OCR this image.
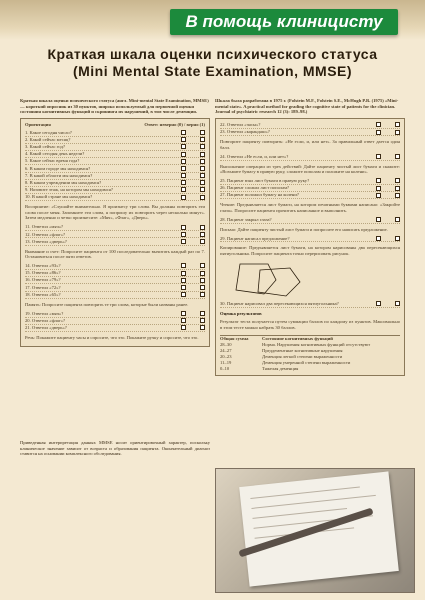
В помощь клиницисту
Краткая шкала оценки психического статуса
(Mini Mental State Examination, MMSE)
Краткая шкала оценки психического статуса (англ. Mini-mental State Examination, MMSE) — короткий опросник из 30 пунктов, широко используемый для первичной оценки состояния когнитивных функций и скрининга их нарушений, в том числе деменции.
Ориентация	Ответ: неверно (0) / верно (1)
1. Какое сегодня число?
2. Какой сейчас месяц?
3. Какой сейчас год?
4. Какой сегодня день недели?
5. Какое сейчас время года?
6. В каком городе мы находимся?
7. В какой области мы находимся?
8. В каком учреждении мы находимся?
9. Назовите этаж, на котором мы находимся?
10. В какой стране мы находимся?
Восприятие: «Слушайте внимательно. Я произнесу три слова. Вы должны повторить эти слова после меня. Запомните эти слова, я попрошу их повторить через несколько минут». Затем медленно и четко произнесите: «Мяч», «Флаг», «Дверь».
11. Ответил «мяч»?
12. Ответил «флаг»?
13. Ответил «дверь»?
Внимание и счет: Попросите пациента от 100 последовательно вычитать каждый раз по 7. Остановиться после пяти ответов.
14. Ответил «93»?
15. Ответил «86»?
16. Ответил «79»?
17. Ответил «72»?
18. Ответил «65»?
Память: Попросите пациента повторить те три слова, которые были названы ранее.
19. Ответил «мяч»?
20. Ответил «флаг»?
21. Ответил «дверь»?
Речь: Покажите пациенту часы и спросите, что это. Покажите ручку и спросите, что это.
Приведенная интерпретация данных MMSE носит ориентировочный характер, поскольку клиническое значение зависит от возраста и образования пациента. Окончательный диагноз ставится на основании комплексного обследования.
Шкала была разработана в 1975 г. (Folstein M.F., Folstein S.E., McHugh P.R. (1975) «Mini-mental state». A practical method for grading the cognitive state of patients for the clinician. Journal of psychiatric research 12 (3): 189–98.)
22. Ответил «часы»?
23. Ответил «карандаш»?
Повторите пациенту повторить: «Не если, и, или нет». За правильный ответ дается один балл.
24. Ответил «Не если, и, или нет»?
Выполнение операции из трех действий: Дайте пациенту чистый лист бумаги и скажите: «Возьмите бумагу в правую руку, сложите пополам и положите на колени».
25. Пациент взял лист бумаги в правую руку?
26. Пациент сложил лист пополам?
27. Пациент положил бумагу на колени?
Чтение: Предъявляется лист бумаги, на котором печатными буквами написано: «Закройте глаза». Попросите пациента прочитать написанное и выполнить.
28. Пациент закрыл глаза?
Письмо: Дайте пациенту чистый лист бумаги и попросите его написать предложение.
29. Пациент написал предложение?
Копирование: Предъявляется лист бумаги, на котором нарисованы два пересекающихся пятиугольника. Попросите пациента точно перерисовать рисунок.
30. Пациент нарисовал два пересекающихся пятиугольника?
Оценка результатов
Результат теста получается путем суммации баллов по каждому из пунктов. Максимально в этом тесте можно набрать 30 баллов.
Общая сумма	Состояние когнитивных функций
28–30	Норма. Нарушения когнитивных функций отсутствуют
24–27	Преддементные когнитивные нарушения
20–23	Деменция легкой степени выраженности
11–19	Деменция умеренной степени выраженности
0–10	Тяжелая деменция
